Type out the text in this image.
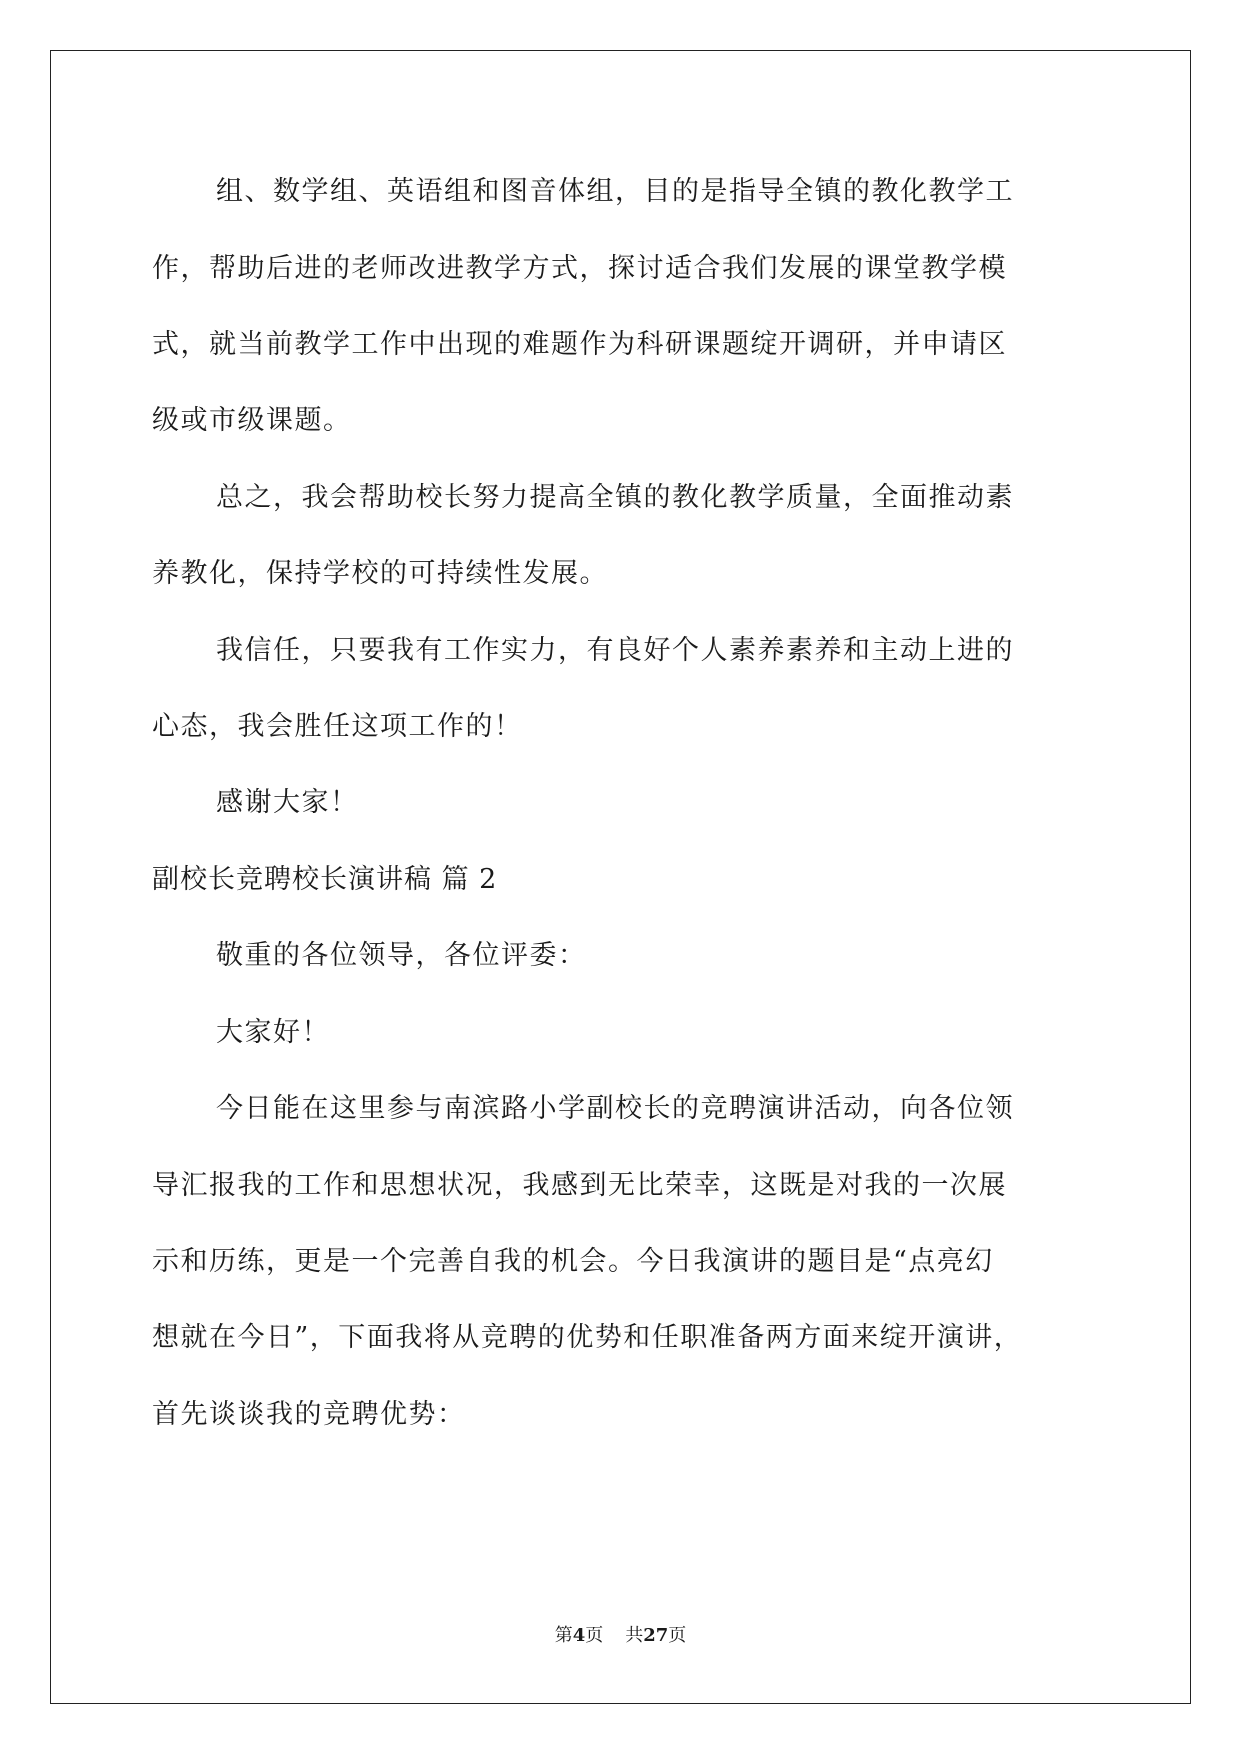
组、数学组、英语组和图音体组，目的是指导全镇的教化教学工
作，帮助后进的老师改进教学方式，探讨适合我们发展的课堂教学模
式，就当前教学工作中出现的难题作为科研课题绽开调研，并申请区
级或市级课题。
总之，我会帮助校长努力提高全镇的教化教学质量，全面推动素
养教化，保持学校的可持续性发展。
我信任，只要我有工作实力，有良好个人素养素养和主动上进的
心态，我会胜任这项工作的！
感谢大家！
副校长竞聘校长演讲稿 篇 2
敬重的各位领导，各位评委：
大家好！
今日能在这里参与南滨路小学副校长的竞聘演讲活动，向各位领
导汇报我的工作和思想状况，我感到无比荣幸，这既是对我的一次展
示和历练，更是一个完善自我的机会。今日我演讲的题目是“点亮幻
想就在今日”，下面我将从竞聘的优势和任职准备两方面来绽开演讲，
首先谈谈我的竞聘优势：
第4页 共27页
